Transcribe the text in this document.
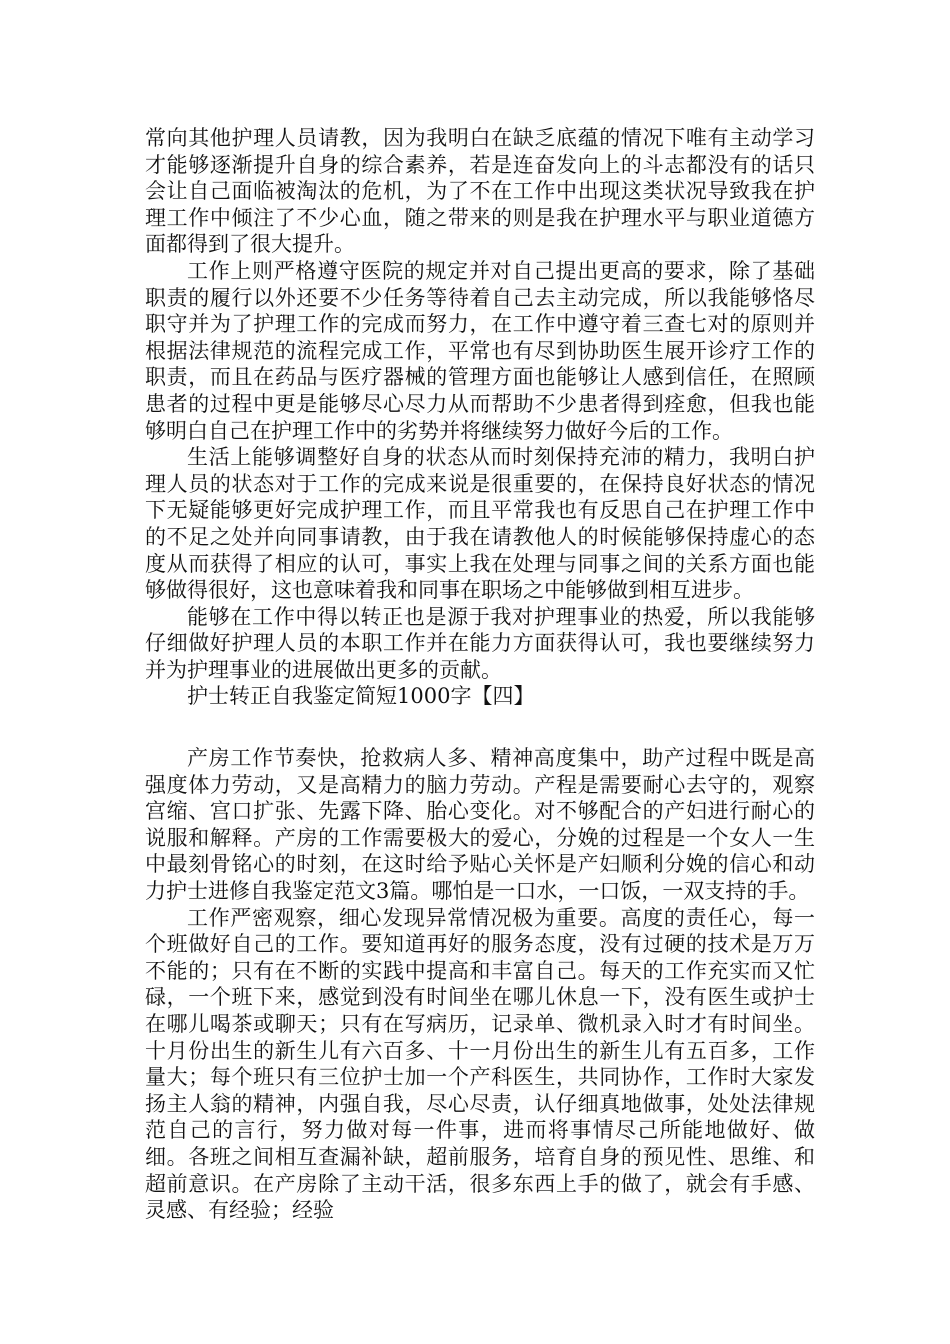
常向其他护理人员请教，因为我明白在缺乏底蕴的情况下唯有主动学习才能够逐渐提升自身的综合素养，若是连奋发向上的斗志都没有的话只会让自己面临被淘汰的危机，为了不在工作中出现这类状况导致我在护理工作中倾注了不少心血，随之带来的则是我在护理水平与职业道德方面都得到了很大提升。

工作上则严格遵守医院的规定并对自己提出更高的要求，除了基础职责的履行以外还要不少任务等待着自己去主动完成，所以我能够恪尽职守并为了护理工作的完成而努力，在工作中遵守着三查七对的原则并根据法律规范的流程完成工作，平常也有尽到协助医生展开诊疗工作的职责，而且在药品与医疗器械的管理方面也能够让人感到信任，在照顾患者的过程中更是能够尽心尽力从而帮助不少患者得到痊愈，但我也能够明白自己在护理工作中的劣势并将继续努力做好今后的工作。

生活上能够调整好自身的状态从而时刻保持充沛的精力，我明白护理人员的状态对于工作的完成来说是很重要的，在保持良好状态的情况下无疑能够更好完成护理工作，而且平常我也有反思自己在护理工作中的不足之处并向同事请教，由于我在请教他人的时候能够保持虚心的态度从而获得了相应的认可，事实上我在处理与同事之间的关系方面也能够做得很好，这也意味着我和同事在职场之中能够做到相互进步。

能够在工作中得以转正也是源于我对护理事业的热爱，所以我能够仔细做好护理人员的本职工作并在能力方面获得认可，我也要继续努力并为护理事业的进展做出更多的贡献。

护士转正自我鉴定简短1000字【四】

产房工作节奏快，抢救病人多、精神高度集中，助产过程中既是高强度体力劳动，又是高精力的脑力劳动。产程是需要耐心去守的，观察宫缩、宫口扩张、先露下降、胎心变化。对不够配合的产妇进行耐心的说服和解释。产房的工作需要极大的爱心，分娩的过程是一个女人一生中最刻骨铭心的时刻，在这时给予贴心关怀是产妇顺利分娩的信心和动力护士进修自我鉴定范文3篇。哪怕是一口水，一口饭，一双支持的手。

工作严密观察，细心发现异常情况极为重要。高度的责任心，每一个班做好自己的工作。要知道再好的服务态度，没有过硬的技术是万万不能的；只有在不断的实践中提高和丰富自己。每天的工作充实而又忙碌，一个班下来，感觉到没有时间坐在哪儿休息一下，没有医生或护士在哪儿喝茶或聊天；只有在写病历，记录单、微机录入时才有时间坐。十月份出生的新生儿有六百多、十一月份出生的新生儿有五百多，工作量大；每个班只有三位护士加一个产科医生，共同协作，工作时大家发扬主人翁的精神，内强自我，尽心尽责，认仔细真地做事，处处法律规范自己的言行，努力做对每一件事，进而将事情尽己所能地做好、做细。各班之间相互查漏补缺，超前服务，培育自身的预见性、思维、和超前意识。在产房除了主动干活，很多东西上手的做了，就会有手感、灵感、有经验；经验
